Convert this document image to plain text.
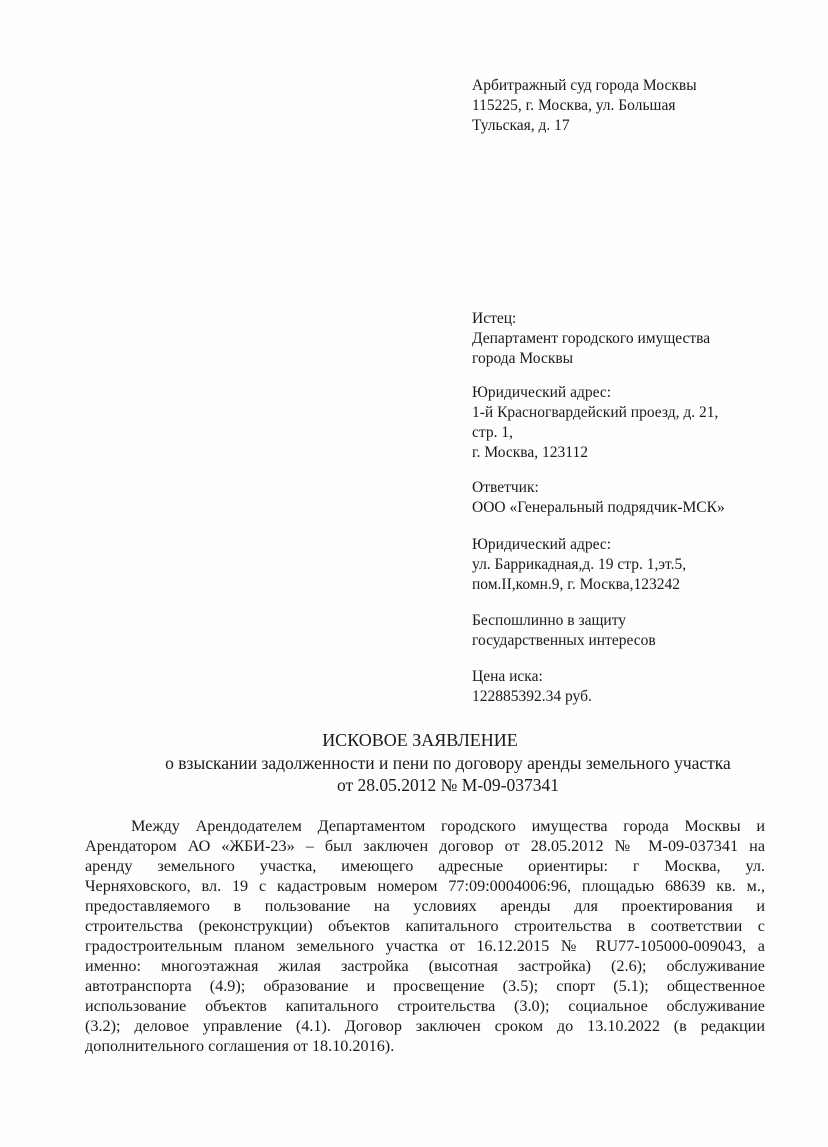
Арбитражный суд города Москвы
115225, г. Москва, ул. Большая
Тульская, д. 17
Истец:
Департамент городского имущества
города Москвы
Юридический адрес:
1-й Красногвардейский проезд, д. 21,
стр. 1,
г. Москва, 123112
Ответчик:
ООО «Генеральный подрядчик-МСК»
Юридический адрес:
ул. Баррикадная,д. 19 стр. 1,эт.5,
пом.II,комн.9, г. Москва,123242
Беспошлинно в защиту
государственных интересов
Цена иска:
122885392.34 руб.
ИСКОВОЕ ЗАЯВЛЕНИЕ
о взыскании задолженности и пени по договору аренды земельного участка
от 28.05.2012 № М-09-037341
Между Арендодателем Департаментом городского имущества города Москвы и
Арендатором АО «ЖБИ-23» – был заключен договор от 28.05.2012 № М-09-037341 на
аренду земельного участка, имеющего адресные ориентиры: г Москва, ул.
Черняховского, вл. 19 с кадастровым номером 77:09:0004006:96, площадью 68639 кв. м.,
предоставляемого в пользование на условиях аренды для проектирования и
строительства (реконструкции) объектов капитального строительства в соответствии с
градостроительным планом земельного участка от 16.12.2015 № RU77-105000-009043, а
именно: многоэтажная жилая застройка (высотная застройка) (2.6); обслуживание
автотранспорта (4.9); образование и просвещение (3.5); спорт (5.1); общественное
использование объектов капитального строительства (3.0); социальное обслуживание
(3.2); деловое управление (4.1). Договор заключен сроком до 13.10.2022 (в редакции
дополнительного соглашения от 18.10.2016).
